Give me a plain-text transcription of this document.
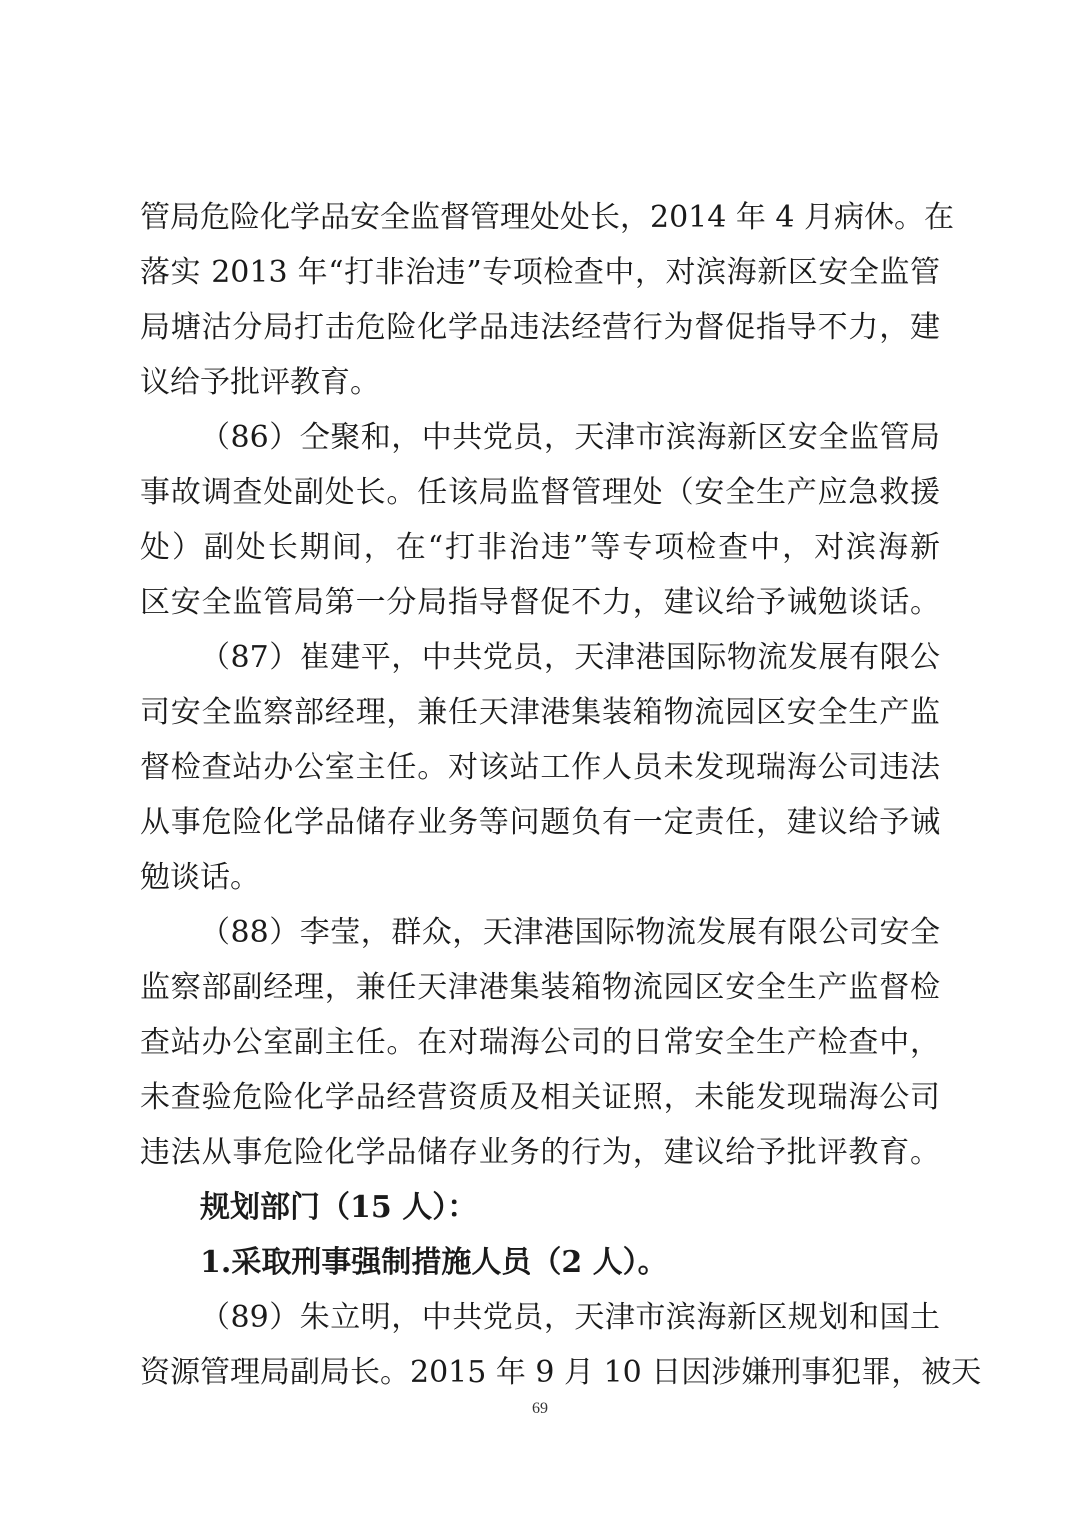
管局危险化学品安全监督管理处处长，2014 年 4 月病休。在
落实 2013 年“打非治违”专项检查中，对滨海新区安全监管
局塘沽分局打击危险化学品违法经营行为督促指导不力，建
议给予批评教育。
（86）仝聚和，中共党员，天津市滨海新区安全监管局
事故调查处副处长。任该局监督管理处（安全生产应急救援
处）副处长期间，在“打非治违”等专项检查中，对滨海新
区安全监管局第一分局指导督促不力，建议给予诫勉谈话。
（87）崔建平，中共党员，天津港国际物流发展有限公
司安全监察部经理，兼任天津港集装箱物流园区安全生产监
督检查站办公室主任。对该站工作人员未发现瑞海公司违法
从事危险化学品储存业务等问题负有一定责任，建议给予诫
勉谈话。
（88）李莹，群众，天津港国际物流发展有限公司安全
监察部副经理，兼任天津港集装箱物流园区安全生产监督检
查站办公室副主任。在对瑞海公司的日常安全生产检查中，
未查验危险化学品经营资质及相关证照，未能发现瑞海公司
违法从事危险化学品储存业务的行为，建议给予批评教育。
规划部门（15 人）：
1.采取刑事强制措施人员（2 人）。
（89）朱立明，中共党员，天津市滨海新区规划和国土
资源管理局副局长。2015 年 9 月 10 日因涉嫌刑事犯罪，被天
69
